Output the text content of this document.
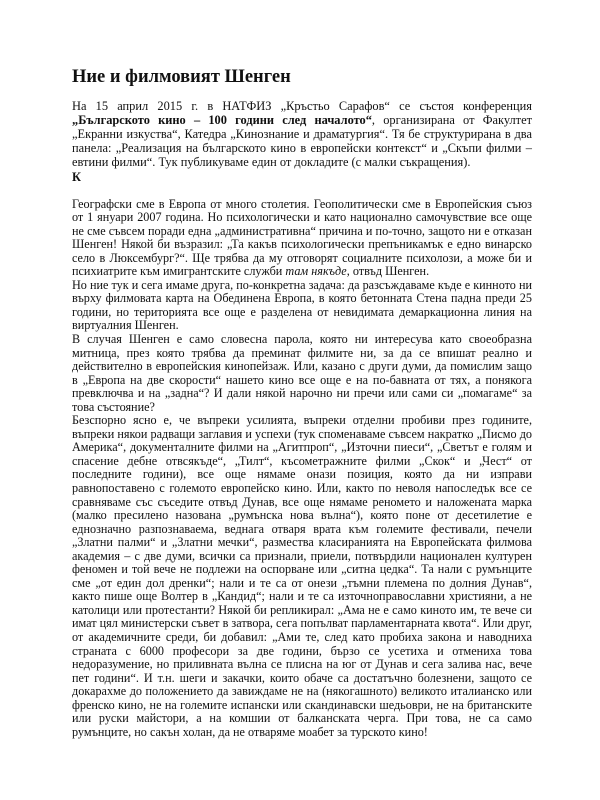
Ние и филмовият Шенген

На 15 април 2015 г. в НАТФИЗ „Кръстьо Сарафов“ се състоя конференция „Българското кино – 100 години след началото“, организирана от Факултет „Екранни изкуства“, Катедра „Кинознание и драматургия“. Тя бе структурирана в два панела: „Реализация на българското кино в европейски контекст“ и „Скъпи филми – евтини филми“. Тук публикуваме един от докладите (с малки съкращения).

К

Географски сме в Европа от много столетия. Геополитически сме в Европейския съюз от 1 януари 2007 година. Но психологически и като национално самочувствие все още не сме съвсем поради една „административна“ причина и по-точно, защото ни е отказан Шенген! Някой би възразил: „Та какъв психологически препъникамък е едно винарско село в Люксембург?“. Ще трябва да му отговорят социалните психолози, а може би и психиатрите към имигрантските служби там някъде, отвъд Шенген.

Но ние тук и сега имаме друга, по-конкретна задача: да разсъждаваме къде е кинното ни върху филмовата карта на Обединена Европа, в която бетонната Стена падна преди 25 години, но територията все още е разделена от невидимата демаркационна линия на виртуалния Шенген.

В случая Шенген е само словесна парола, която ни интересува като своеобразна митница, през която трябва да преминат филмите ни, за да се впишат реално и действително в европейския кинопейзаж. Или, казано с други думи, да помислим защо в „Европа на две скорости“ нашето кино все още е на по-бавната от тях, а понякога превключва и на „задна“? И дали някой нарочно ни пречи или сами си „помагаме“ за това състояние?

Безспорно ясно е, че въпреки усилията, въпреки отделни пробиви през годините, въпреки някои радващи заглавия и успехи (тук споменаваме съвсем накратко „Писмо до Америка“, документалните филми на „Агитпроп“, „Източни пиеси“, „Светът е голям и спасение дебне отвсякъде“, „Тилт“, късометражните филми „Скок“ и „Чест“ от последните години), все още нямаме онази позиция, която да ни изправи равнопоставено с големото европейско кино. Или, както по неволя напоследък все се сравняваме със съседите отвъд Дунав, все още нямаме реномето и наложената марка (малко пресилено назована „румънска нова вълна“), която поне от десетилетие е еднозначно разпознаваема, веднага отваря врата към големите фестивали, печели „Златни палми“ и „Златни мечки“, размества класиранията на Европейската филмова академия – с две думи, всички са признали, приели, потвърдили националeн културен феномен и той вече не подлежи на оспорване или „ситна цедка“. Та нали с румънците сме „от един дол дренки“; нали и те са от онези „тъмни племена по долния Дунав“, както пише още Волтер в „Кандид“; нали и те са източноправославни християни, а не католици или протестанти? Някой би репликирал: „Ама не е само киното им, те вече си имат цял министерски съвет в затвора, сега попълват парламентарната квота“. Или друг, от академичните среди, би добавил: „Ами те, след като пробиха закона и наводниха страната с 6000 професори за две години, бързо се усетиха и отмениха това недоразумение, но приливната вълна се плисна на юг от Дунав и сега залива нас, вече пет години“. И т.н. шеги и закачки, които обаче са достатъчно болезнени, защото се докарахме до положението да завиждаме не на (някогашното) великото италианско или френско кино, не на големите испански или скандинавски шедьоври, не на британските или руски майстори, а на комшии от балканската черга. При това, не са само румънците, но сакън холан, да не отваряме моабет за турското кино!
